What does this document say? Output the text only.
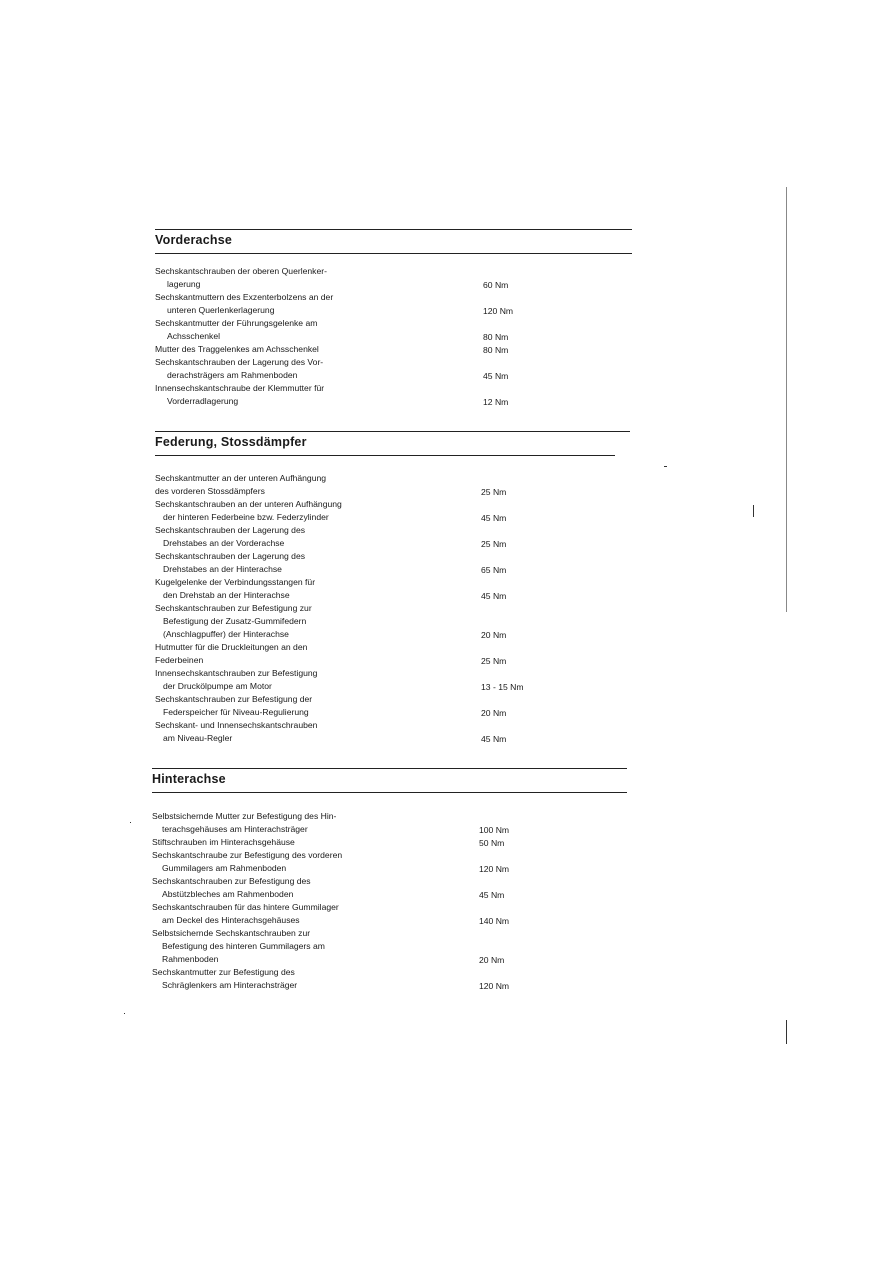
Vorderachse
Sechskantschrauben der oberen Querlenker-
lagerung
Sechskantmuttern des Exzenterbolzens an der
unteren Querlenkerlagerung
Sechskantmutter der Führungsgelenke am
Achsschenkel
Mutter des Traggelenkes am Achsschenkel
Sechskantschrauben der Lagerung des Vor-
derachsträgers am Rahmenboden
Innensechskantschraube der Klemmutter für
Vorderradlagerung
60 Nm
120 Nm
80 Nm
80 Nm
45 Nm
12 Nm
Federung, Stossdämpfer
Sechskantmutter an der unteren Aufhängung
des vorderen Stossdämpfers
Sechskantschrauben an der unteren Aufhängung
der hinteren Federbeine bzw. Federzylinder
Sechskantschrauben der Lagerung des
Drehstabes an der Vorderachse
Sechskantschrauben der Lagerung des
Drehstabes an der Hinterachse
Kugelgelenke der Verbindungsstangen für
den Drehstab an der Hinterachse
Sechskantschrauben zur Befestigung zur
Befestigung der Zusatz-Gummifedern
(Anschlagpuffer) der Hinterachse
Hutmutter für die Druckleitungen an den
Federbeinen
Innensechskantschrauben zur Befestigung
der Druckölpumpe am Motor
Sechskantschrauben zur Befestigung der
Federspeicher für Niveau-Regulierung
Sechskant- und Innensechskantschrauben
am Niveau-Regler
25 Nm
45 Nm
25 Nm
65 Nm
45 Nm
20 Nm
25 Nm
13 - 15 Nm
20 Nm
45 Nm
Hinterachse
Selbstsichernde Mutter zur Befestigung des Hin-
terachsgehäuses am Hinterachsträger
Stiftschrauben im Hinterachsgehäuse
Sechskantschraube zur Befestigung des vorderen
Gummilagers am Rahmenboden
Sechskantschrauben zur Befestigung des
Abstützbleches am Rahmenboden
Sechskantschrauben für das hintere Gummilager
am Deckel des Hinterachsgehäuses
Selbstsichernde Sechskantschrauben zur
Befestigung des hinteren Gummilagers am
Rahmenboden
Sechskantmutter zur Befestigung des
Schräglenkers am Hinterachsträger
100 Nm
50 Nm
120 Nm
45 Nm
140 Nm
20 Nm
120 Nm
